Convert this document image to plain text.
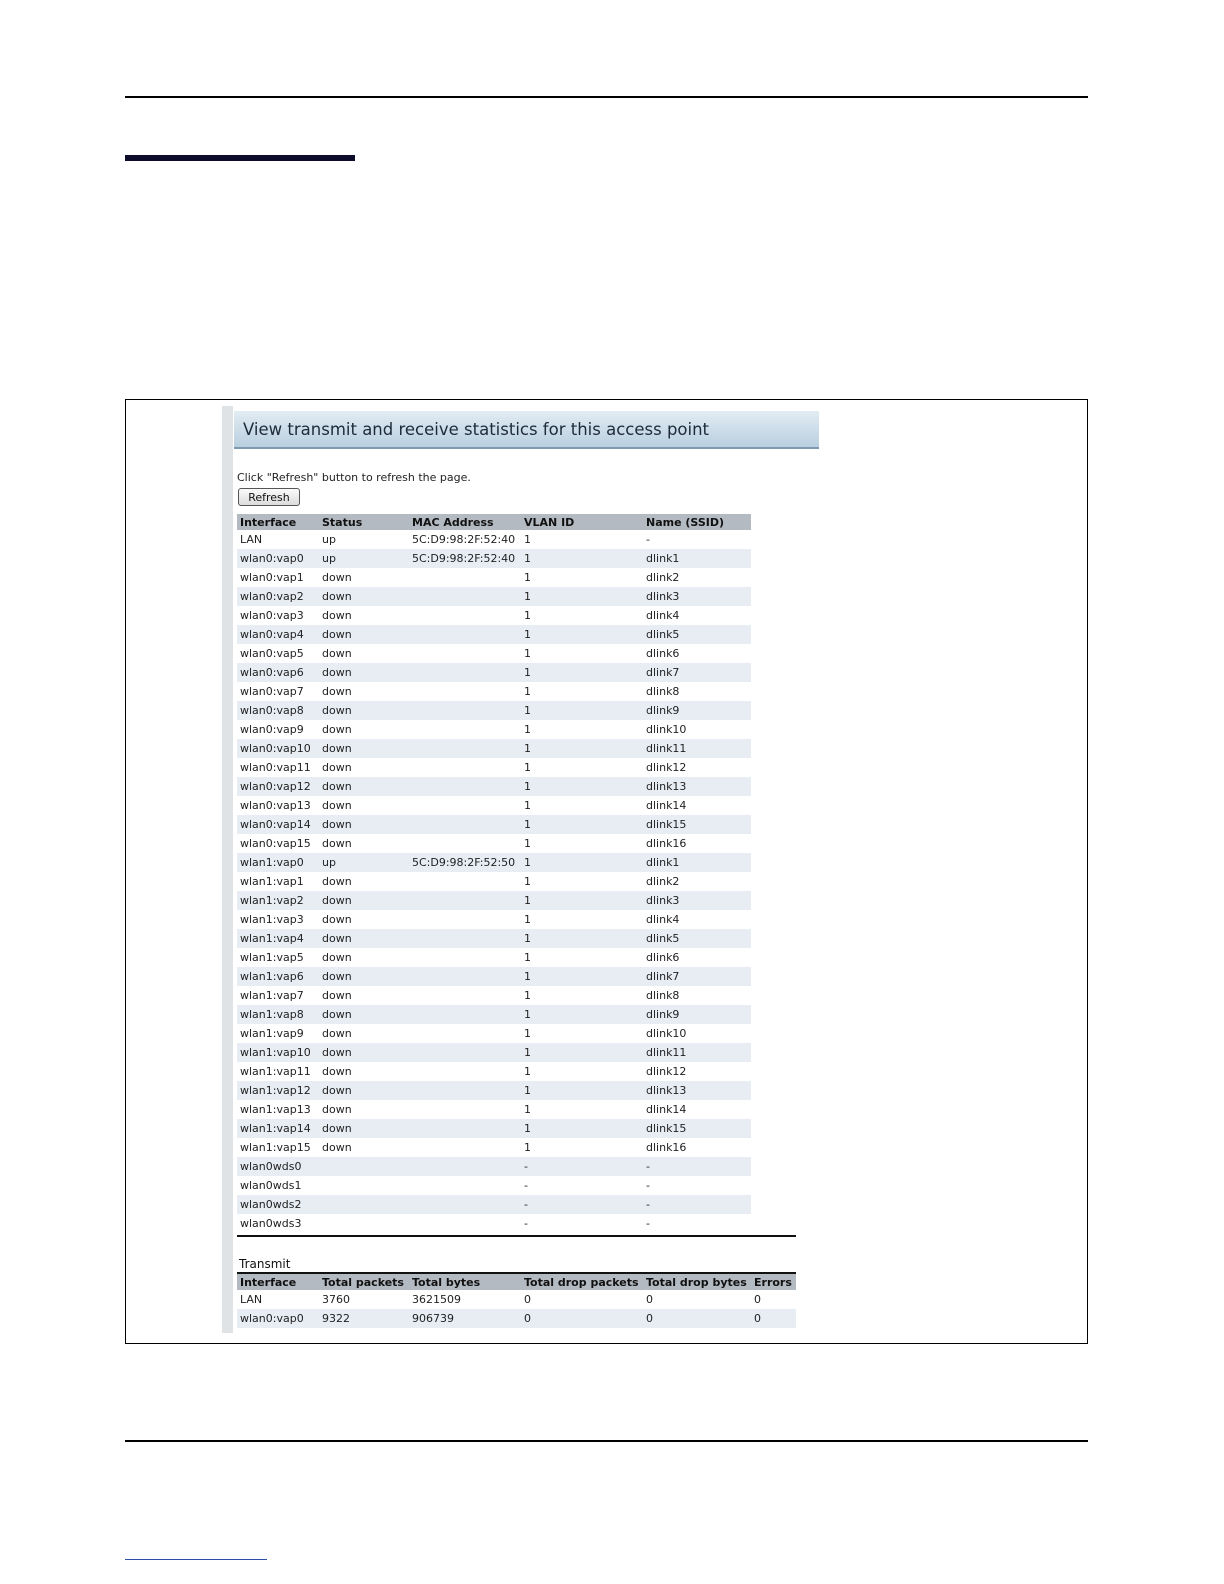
View transmit and receive statistics for this access point
Click "Refresh" button to refresh the page.
Refresh
Interface	Status	MAC Address	VLAN ID	Name (SSID)
LAN	up	5C:D9:98:2F:52:40	1	-
wlan0:vap0	up	5C:D9:98:2F:52:40	1	dlink1
wlan0:vap1	down		1	dlink2
wlan0:vap2	down		1	dlink3
wlan0:vap3	down		1	dlink4
wlan0:vap4	down		1	dlink5
wlan0:vap5	down		1	dlink6
wlan0:vap6	down		1	dlink7
wlan0:vap7	down		1	dlink8
wlan0:vap8	down		1	dlink9
wlan0:vap9	down		1	dlink10
wlan0:vap10	down		1	dlink11
wlan0:vap11	down		1	dlink12
wlan0:vap12	down		1	dlink13
wlan0:vap13	down		1	dlink14
wlan0:vap14	down		1	dlink15
wlan0:vap15	down		1	dlink16
wlan1:vap0	up	5C:D9:98:2F:52:50	1	dlink1
wlan1:vap1	down		1	dlink2
wlan1:vap2	down		1	dlink3
wlan1:vap3	down		1	dlink4
wlan1:vap4	down		1	dlink5
wlan1:vap5	down		1	dlink6
wlan1:vap6	down		1	dlink7
wlan1:vap7	down		1	dlink8
wlan1:vap8	down		1	dlink9
wlan1:vap9	down		1	dlink10
wlan1:vap10	down		1	dlink11
wlan1:vap11	down		1	dlink12
wlan1:vap12	down		1	dlink13
wlan1:vap13	down		1	dlink14
wlan1:vap14	down		1	dlink15
wlan1:vap15	down		1	dlink16
wlan0wds0			-	-
wlan0wds1			-	-
wlan0wds2			-	-
wlan0wds3			-	-
Transmit
Interface	Total packets	Total bytes	Total drop packets	Total drop bytes	Errors
LAN	3760	3621509	0	0	0
wlan0:vap0	9322	906739	0	0	0
